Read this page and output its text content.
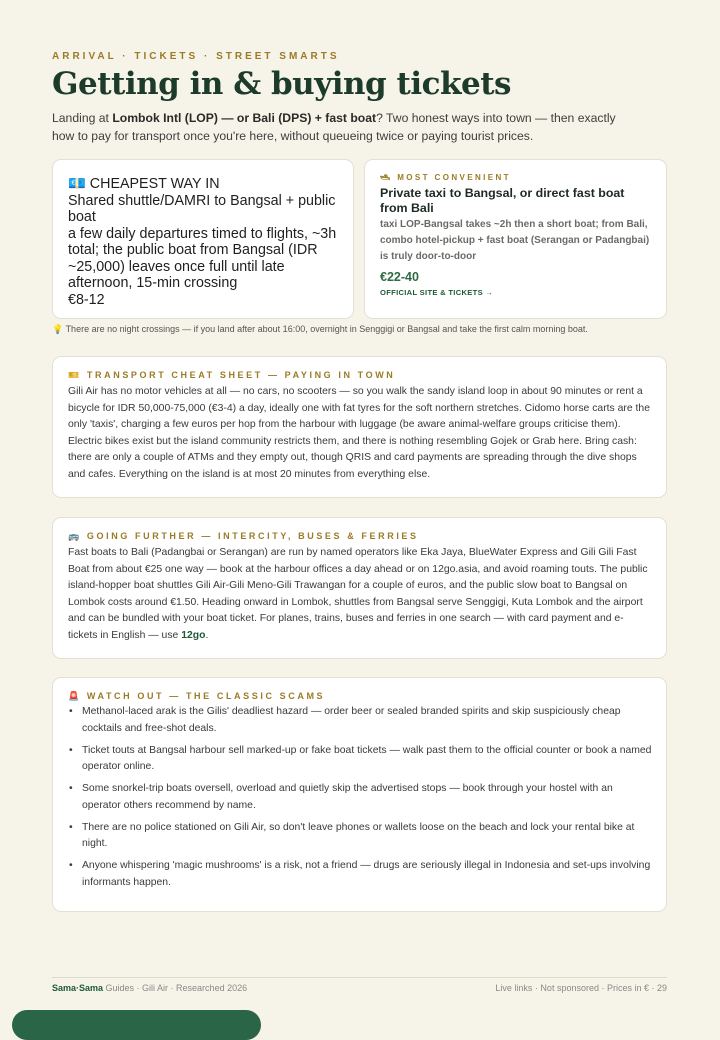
ARRIVAL · TICKETS · STREET SMARTS
Getting in & buying tickets

Landing at Lombok Intl (LOP) — or Bali (DPS) + fast boat? Two honest ways into town — then exactly how to pay for transport once you're here, without queueing twice or paying tourist prices.

💶 CHEAPEST WAY IN
Shared shuttle/DAMRI to Bangsal + public boat
a few daily departures timed to flights, ~3h total; the public boat from Bangsal (IDR ~25,000) leaves once full until late afternoon, 15-min crossing
€8-12
🛥 MOST CONVENIENT
Private taxi to Bangsal, or direct fast boat from Bali
taxi LOP-Bangsal takes ~2h then a short boat; from Bali, combo hotel-pickup + fast boat (Serangan or Padangbai) is truly door-to-door
€22-40
OFFICIAL SITE & TICKETS →
💡 There are no night crossings — if you land after about 16:00, overnight in Senggigi or Bangsal and take the first calm morning boat.
🎫 TRANSPORT CHEAT SHEET — PAYING IN TOWN
Gili Air has no motor vehicles at all — no cars, no scooters — so you walk the sandy island loop in about 90 minutes or rent a bicycle for IDR 50,000-75,000 (€3-4) a day, ideally one with fat tyres for the soft northern stretches. Cidomo horse carts are the only 'taxis', charging a few euros per hop from the harbour with luggage (be aware animal-welfare groups criticise them). Electric bikes exist but the island community restricts them, and there is nothing resembling Gojek or Grab here. Bring cash: there are only a couple of ATMs and they empty out, though QRIS and card payments are spreading through the dive shops and cafes. Everything on the island is at most 20 minutes from everything else.
🚌 GOING FURTHER — INTERCITY, BUSES & FERRIES
Fast boats to Bali (Padangbai or Serangan) are run by named operators like Eka Jaya, BlueWater Express and Gili Gili Fast Boat from about €25 one way — book at the harbour offices a day ahead or on 12go.asia, and avoid roaming touts. The public island-hopper boat shuttles Gili Air-Gili Meno-Gili Trawangan for a couple of euros, and the public slow boat to Bangsal on Lombok costs around €1.50. Heading onward in Lombok, shuttles from Bangsal serve Senggigi, Kuta Lombok and the airport and can be bundled with your boat ticket. For planes, trains, buses and ferries in one search — with card payment and e-tickets in English — use 12go.
🚨 WATCH OUT — THE CLASSIC SCAMS
• Methanol-laced arak is the Gilis' deadliest hazard — order beer or sealed branded spirits and skip suspiciously cheap cocktails and free-shot deals.
• Ticket touts at Bangsal harbour sell marked-up or fake boat tickets — walk past them to the official counter or book a named operator online.
• Some snorkel-trip boats oversell, overload and quietly skip the advertised stops — book through your hostel with an operator others recommend by name.
• There are no police stationed on Gili Air, so don't leave phones or wallets loose on the beach and lock your rental bike at night.
• Anyone whispering 'magic mushrooms' is a risk, not a friend — drugs are seriously illegal in Indonesia and set-ups involving informants happen.
Sama·Sama Guides · Gili Air · Researched 2026	Live links · Not sponsored · Prices in € · 29
